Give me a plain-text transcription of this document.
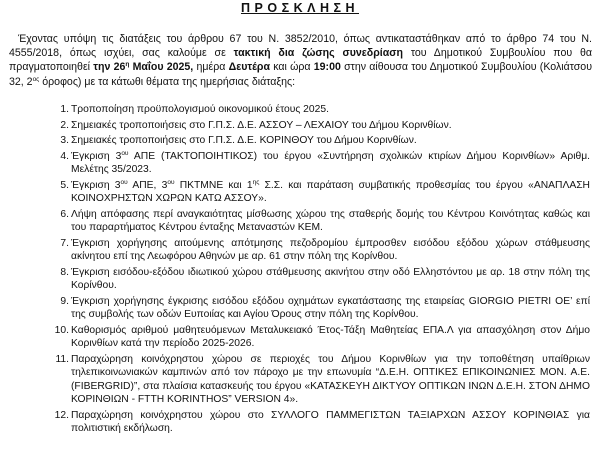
ΠΡΟΣΚΛΗΣΗ
Έχοντας υπόψη τις διατάξεις του άρθρου 67 του Ν. 3852/2010, όπως αντικαταστάθηκαν από το άρθρο 74 του Ν. 4555/2018, όπως ισχύει, σας καλούμε σε τακτική δια ζώσης συνεδρίαση του Δημοτικού Συμβουλίου που θα πραγματοποιηθεί την $26^\eta$ Μαΐου 2025, ημέρα Δευτέρα και ώρα 19:00 στην αίθουσα του Δημοτικού Συμβουλίου (Κολιάτσου 32, $2^{o\varsigma}$ όροφος) με τα κάτωθι θέματα της ημερήσιας διάταξης:
1. Τροποποίηση προϋπολογισμού οικονομικού έτους 2025.
2. Σημειακές τροποποιήσεις στο Γ.Π.Σ. Δ.Ε. ΑΣΣΟΥ – ΛΕΧΑΙΟΥ του Δήμου Κορινθίων.
3. Σημειακές τροποποιήσεις στο Γ.Π.Σ. Δ.Ε. ΚΟΡΙΝΘΟΥ του Δήμου Κορινθίων.
4. Έγκριση $3^{o\upsilon}$ ΑΠΕ (ΤΑΚΤΟΠΟΙΗΤΙΚΟΣ) του έργου «Συντήρηση σχολικών κτιρίων Δήμου Κορινθίων» Αριθμ. Μελέτης 35/2023.
5. Έγκριση $3^{o\upsilon}$ ΑΠΕ, $3^{o\upsilon}$ ΠΚΤΜΝΕ και $1^{\eta\varsigma}$ Σ.Σ. και παράταση συμβατικής προθεσμίας του έργου «ΑΝΑΠΛΑΣΗ ΚΟΙΝΟΧΡΗΣΤΩΝ ΧΩΡΩΝ ΚΑΤΩ ΑΣΣΟΥ».
6. Λήψη απόφασης περί αναγκαιότητας μίσθωσης χώρου της σταθερής δομής του Κέντρου Κοινότητας καθώς και του παραρτήματος Κέντρου ένταξης Μεταναστών ΚΕΜ.
7. Έγκριση χορήγησης αιτούμενης απότμησης πεζοδρομίου έμπροσθεν εισόδου εξόδου χώρων στάθμευσης ακίνητου επί της Λεωφόρου Αθηνών με αρ. 61 στην πόλη της Κορίνθου.
8. Έγκριση εισόδου-εξόδου ιδιωτικού χώρου στάθμευσης ακινήτου στην οδό Ελληστόντου με αρ. 18 στην πόλη της Κορίνθου.
9. Έγκριση χορήγησης έγκρισης εισόδου εξόδου οχημάτων εγκατάστασης της εταιρείας GIORGIO PIETRI ΟΕ’ επί της συμβολής των οδών Ευποιίας και Αγίου Όρους στην πόλη της Κορίνθου.
10. Καθορισμός αριθμού μαθητευόμενων Μεταλυκειακό Έτος-Τάξη Μαθητείας ΕΠΑ.Λ για απασχόληση στον Δήμο Κορινθίων κατά την περίοδο 2025-2026.
11. Παραχώρηση κοινόχρηστου χώρου σε περιοχές του Δήμου Κορινθίων για την τοποθέτηση υπαίθριων τηλεπικοινωνιακών καμπινών από τον πάροχο με την επωνυμία “Δ.Ε.Η. ΟΠΤΙΚΕΣ ΕΠΙΚΟΙΝΩΝΙΕΣ ΜΟΝ. Α.Ε. (FIBERGRID)”, στα πλαίσια κατασκευής του έργου «ΚΑΤΑΣΚΕΥΗ ΔΙΚΤΥΟΥ ΟΠΤΙΚΩΝ ΙΝΩΝ Δ.Ε.Η. ΣΤΟΝ ΔΗΜΟ ΚΟΡΙΝΘΙΩΝ - FTTH KORINTHOS” VERSION 4».
12. Παραχώρηση κοινόχρηστου χώρου στο ΣΥΛΛΟΓΟ ΠΑΜΜΕΓΙΣΤΩΝ ΤΑΞΙΑΡΧΩΝ ΑΣΣΟΥ ΚΟΡΙΝΘΙΑΣ για πολιτιστική εκδήλωση.
